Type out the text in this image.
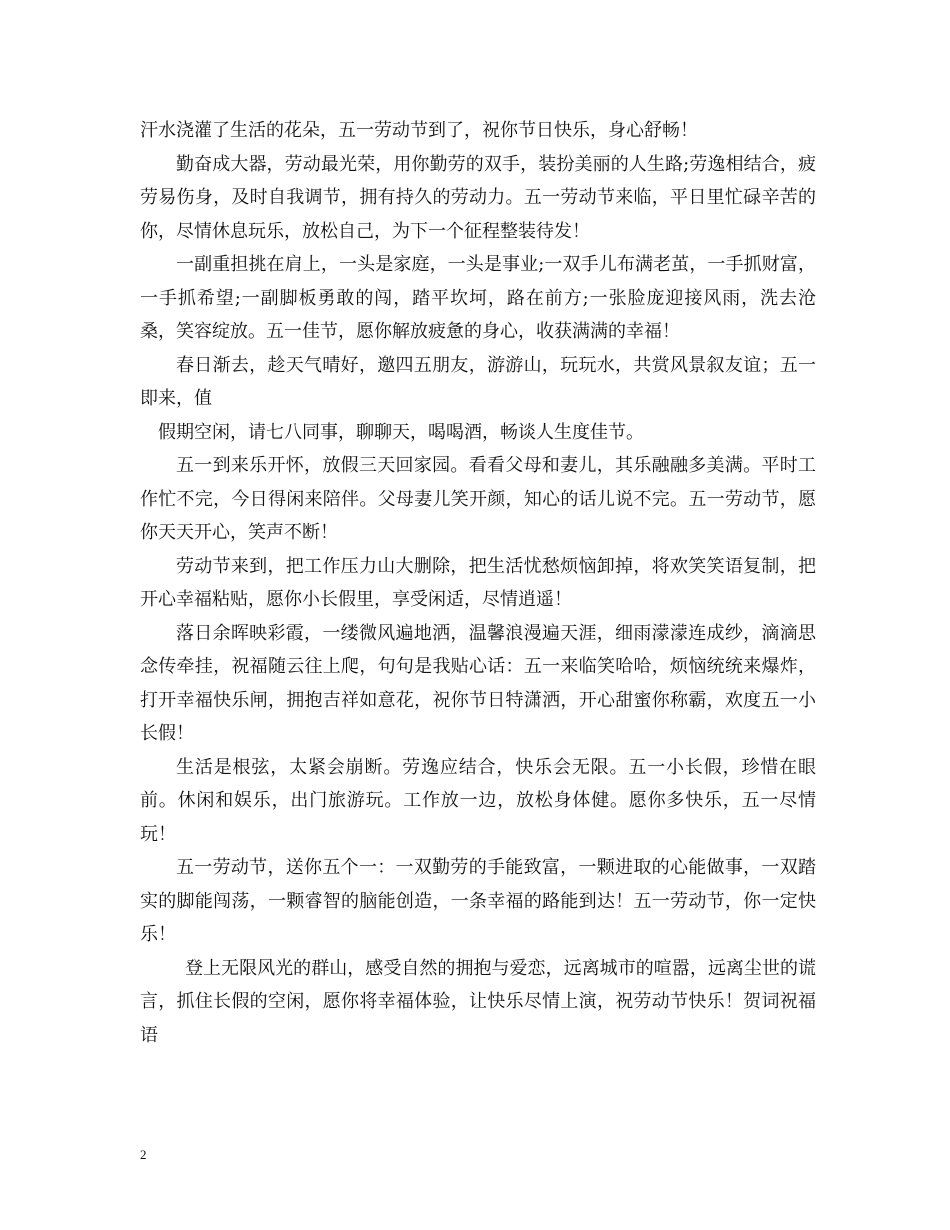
汗水浇灌了生活的花朵，五一劳动节到了，祝你节日快乐，身心舒畅！

勤奋成大器，劳动最光荣，用你勤劳的双手，装扮美丽的人生路;劳逸相结合，疲劳易伤身，及时自我调节，拥有持久的劳动力。五一劳动节来临，平日里忙碌辛苦的你，尽情休息玩乐，放松自己，为下一个征程整装待发！

一副重担挑在肩上，一头是家庭，一头是事业;一双手儿布满老茧，一手抓财富，一手抓希望;一副脚板勇敢的闯，踏平坎坷，路在前方;一张脸庞迎接风雨，洗去沧桑，笑容绽放。五一佳节，愿你解放疲惫的身心，收获满满的幸福！

春日渐去，趁天气晴好，邀四五朋友，游游山，玩玩水，共赏风景叙友谊；五一即来，值

假期空闲，请七八同事，聊聊天，喝喝酒，畅谈人生度佳节。

五一到来乐开怀，放假三天回家园。看看父母和妻儿，其乐融融多美满。平时工作忙不完，今日得闲来陪伴。父母妻儿笑开颜，知心的话儿说不完。五一劳动节，愿你天天开心，笑声不断！

劳动节来到，把工作压力山大删除，把生活忧愁烦恼卸掉，将欢笑笑语复制，把开心幸福粘贴，愿你小长假里，享受闲适，尽情逍遥！

落日余晖映彩霞，一缕微风遍地洒，温馨浪漫遍天涯，细雨濛濛连成纱，滴滴思念传牵挂，祝福随云往上爬，句句是我贴心话：五一来临笑哈哈，烦恼统统来爆炸，打开幸福快乐闸，拥抱吉祥如意花，祝你节日特潇洒，开心甜蜜你称霸，欢度五一小长假！

生活是根弦，太紧会崩断。劳逸应结合，快乐会无限。五一小长假，珍惜在眼前。休闲和娱乐，出门旅游玩。工作放一边，放松身体健。愿你多快乐，五一尽情玩！

五一劳动节，送你五个一：一双勤劳的手能致富，一颗进取的心能做事，一双踏实的脚能闯荡，一颗睿智的脑能创造，一条幸福的路能到达！五一劳动节，你一定快乐！

登上无限风光的群山，感受自然的拥抱与爱恋，远离城市的喧嚣，远离尘世的谎言，抓住长假的空闲，愿你将幸福体验，让快乐尽情上演，祝劳动节快乐！贺词祝福语

2
